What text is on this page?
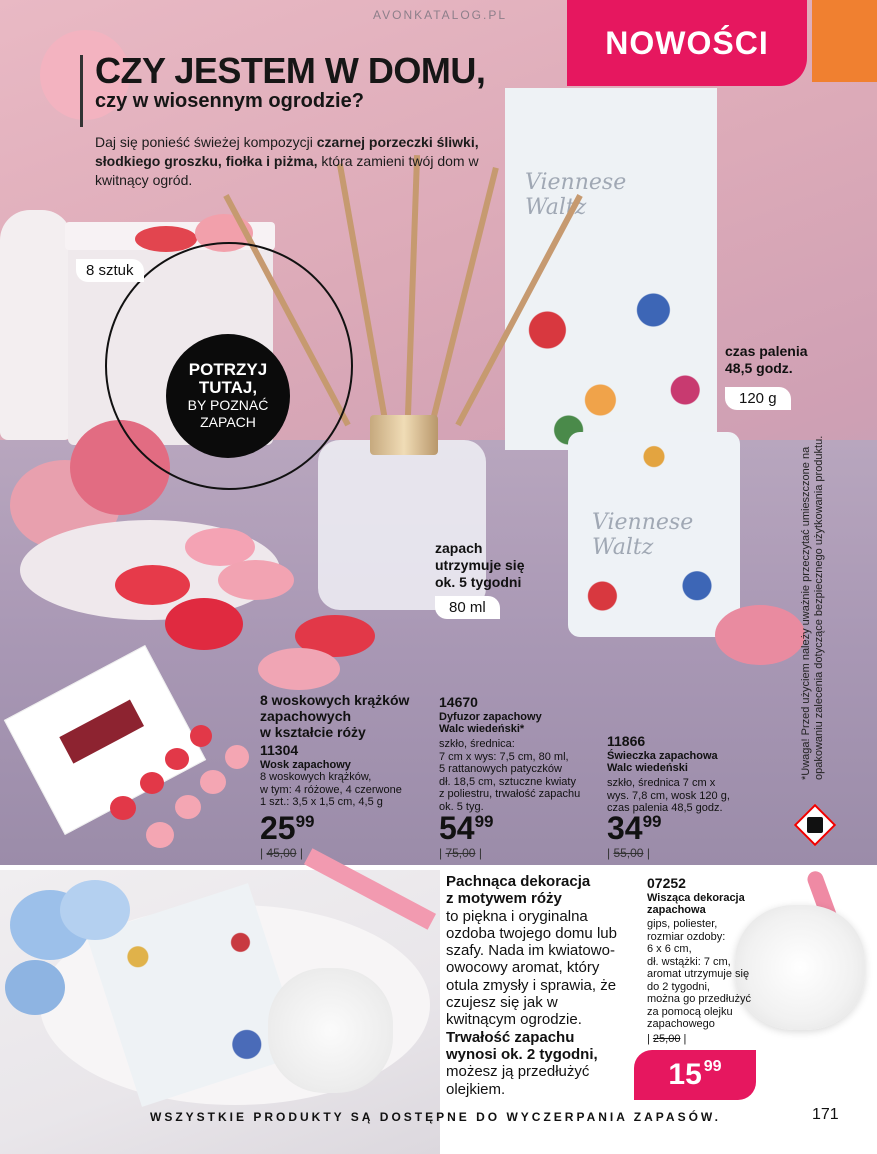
Viennese
Waltz
Viennese
Waltz
AVONKATALOG.PL
NOWOŚCI
CZY JESTEM W DOMU,
czy w wiosennym ogrodzie?
Daj się ponieść świeżej kompozycji czarnej porzeczki śliwki, słodkiego groszku, fiołka i piżma, która zamieni twój dom w kwitnący ogród.
POTRZYJ
TUTAJ,
BY POZNAĆ
ZAPACH
8 sztuk
120 g
80 ml
czas palenia
48,5 godz.
zapach
utrzymuje się
ok. 5 tygodni
8 woskowych krążków
zapachowych
w kształcie róży
11304
Wosk zapachowy
8 woskowych krążków,
w tym: 4 różowe, 4 czerwone
1 szt.: 3,5 x 1,5 cm, 4,5 g
2599
| 45,00 |
14670
Dyfuzor zapachowy
Walc wiedeński*
szkło, średnica:
7 cm x wys: 7,5 cm, 80 ml,
5 rattanowych patyczków
dł. 18,5 cm, sztuczne kwiaty
z poliestru, trwałość zapachu
ok. 5 tyg.
5499
| 75,00 |
11866
Świeczka zapachowa
Walc wiedeński
szkło, średnica 7 cm x
wys. 7,8 cm, wosk 120 g,
czas palenia 48,5 godz.
3499
| 55,00 |
*Uwaga! Przed użyciem należy uważnie przeczytać umieszczone na opakowaniu zalecenia dotyczące bezpiecznego użytkowania produktu.
Pachnąca dekoracja
z motywem róży
to piękna i oryginalna ozdoba twojego domu lub szafy. Nada im kwiatowo-owocowy aromat, który otula zmysły i sprawia, że czujesz się jak w kwitnącym ogrodzie.
Trwałość zapachu
wynosi ok. 2 tygodni,
możesz ją przedłużyć olejkiem.
07252
Wisząca dekoracja
zapachowa
gips, poliester,
rozmiar ozdoby:
6 x 6 cm,
dł. wstążki: 7 cm,
aromat utrzymuje się
do 2 tygodni,
można go przedłużyć
za pomocą olejku
zapachowego
| 25,00 |
15 99
WSZYSTKIE PRODUKTY SĄ DOSTĘPNE DO WYCZERPANIA ZAPASÓW.	171
